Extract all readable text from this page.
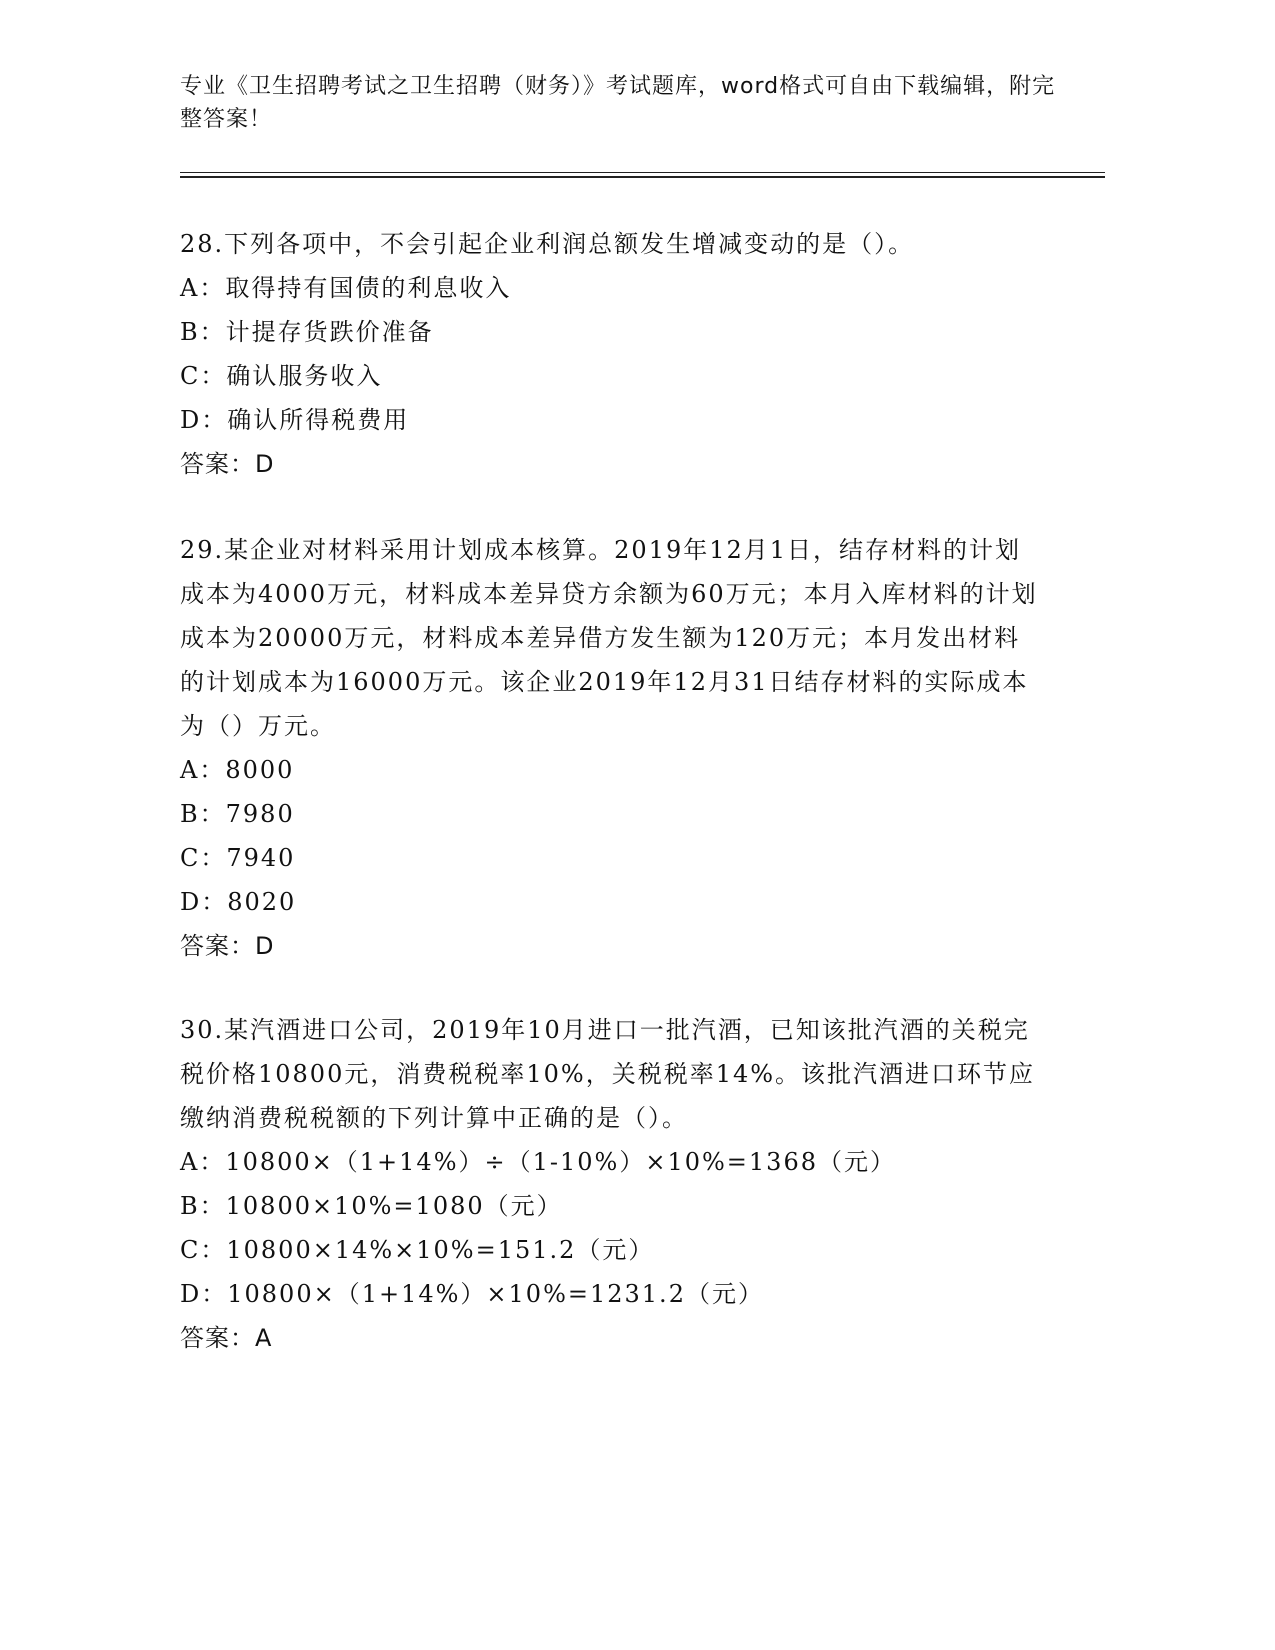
专业《卫生招聘考试之卫生招聘（财务）》考试题库，word格式可自由下载编辑，附完整答案！

28.下列各项中，不会引起企业利润总额发生增减变动的是（）。

A：取得持有国债的利息收入

B：计提存货跌价准备

C：确认服务收入

D：确认所得税费用

答案：D

29.某企业对材料采用计划成本核算。2019年12月1日，结存材料的计划成本为4000万元，材料成本差异贷方余额为60万元；本月入库材料的计划成本为20000万元，材料成本差异借方发生额为120万元；本月发出材料的计划成本为16000万元。该企业2019年12月31日结存材料的实际成本为（）万元。

A：8000

B：7980

C：7940

D：8020

答案：D

30.某汽酒进口公司，2019年10月进口一批汽酒，已知该批汽酒的关税完税价格10800元，消费税税率10%，关税税率14%。该批汽酒进口环节应缴纳消费税税额的下列计算中正确的是（）。

A：10800×（1+14%）÷（1-10%）×10%=1368（元）

B：10800×10%=1080（元）

C：10800×14%×10%=151.2（元）

D：10800×（1+14%）×10%=1231.2（元）

答案：A
